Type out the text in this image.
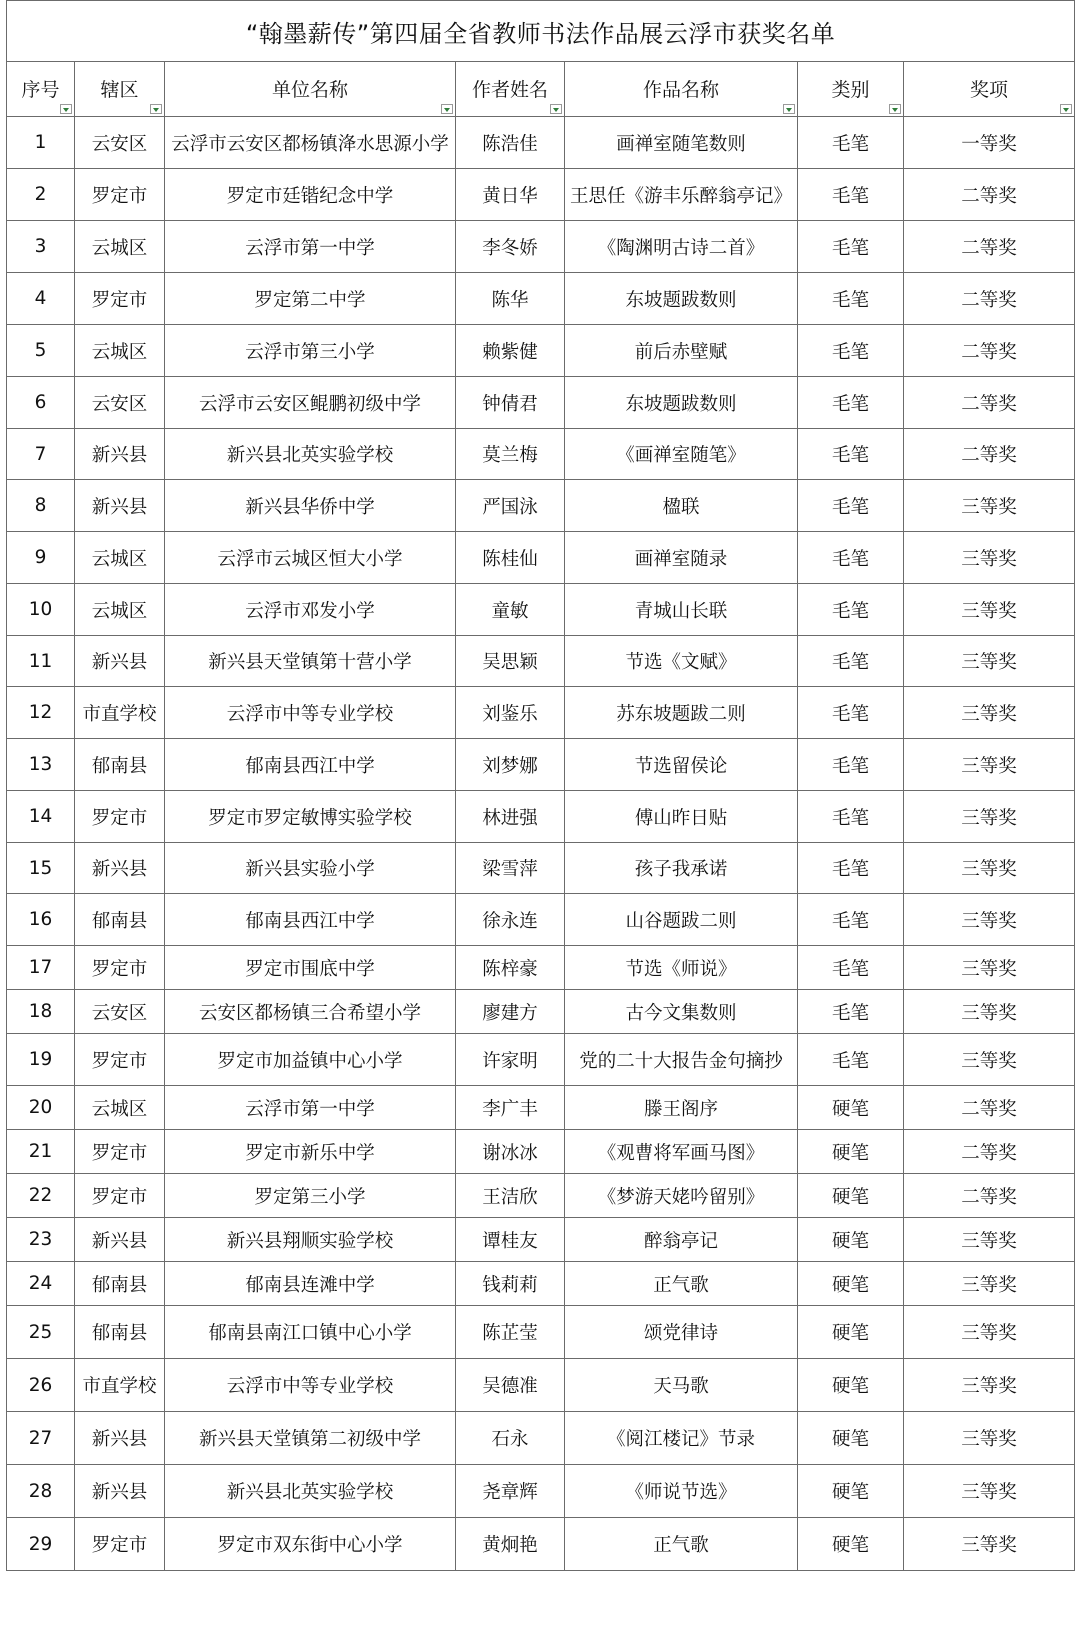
“翰墨薪传”第四届全省教师书法作品展云浮市获奖名单						
序号	辖区	单位名称	作者姓名	作品名称	类别	奖项

1	云安区	云浮市云安区都杨镇洚水思源小学	陈浩佳	画禅室随笔数则	毛笔	一等奖
2	罗定市	罗定市廷锴纪念中学	黄日华	王思任《游丰乐醉翁亭记》	毛笔	二等奖
3	云城区	云浮市第一中学	李冬娇	《陶渊明古诗二首》	毛笔	二等奖
4	罗定市	罗定第二中学	陈华	东坡题跋数则	毛笔	二等奖
5	云城区	云浮市第三小学	赖紫健	前后赤壁赋	毛笔	二等奖
6	云安区	云浮市云安区鲲鹏初级中学	钟倩君	东坡题跋数则	毛笔	二等奖
7	新兴县	新兴县北英实验学校	莫兰梅	《画禅室随笔》	毛笔	二等奖
8	新兴县	新兴县华侨中学	严国泳	楹联	毛笔	三等奖
9	云城区	云浮市云城区恒大小学	陈桂仙	画禅室随录	毛笔	三等奖
10	云城区	云浮市邓发小学	童敏	青城山长联	毛笔	三等奖
11	新兴县	新兴县天堂镇第十营小学	吴思颖	节选《文赋》	毛笔	三等奖
12	市直学校	云浮市中等专业学校	刘鉴乐	苏东坡题跋二则	毛笔	三等奖
13	郁南县	郁南县西江中学	刘梦娜	节选留侯论	毛笔	三等奖
14	罗定市	罗定市罗定敏博实验学校	林进强	傅山昨日贴	毛笔	三等奖
15	新兴县	新兴县实验小学	梁雪萍	孩子我承诺	毛笔	三等奖
16	郁南县	郁南县西江中学	徐永连	山谷题跋二则	毛笔	三等奖
17	罗定市	罗定市围底中学	陈梓豪	节选《师说》	毛笔	三等奖
18	云安区	云安区都杨镇三合希望小学	廖建方	古今文集数则	毛笔	三等奖
19	罗定市	罗定市加益镇中心小学	许家明	党的二十大报告金句摘抄	毛笔	三等奖
20	云城区	云浮市第一中学	李广丰	滕王阁序	硬笔	二等奖
21	罗定市	罗定市新乐中学	谢冰冰	《观曹将军画马图》	硬笔	二等奖
22	罗定市	罗定第三小学	王洁欣	《梦游天姥吟留别》	硬笔	二等奖
23	新兴县	新兴县翔顺实验学校	谭桂友	醉翁亭记	硬笔	三等奖
24	郁南县	郁南县连滩中学	钱莉莉	正气歌	硬笔	三等奖
25	郁南县	郁南县南江口镇中心小学	陈芷莹	颂党律诗	硬笔	三等奖
26	市直学校	云浮市中等专业学校	吴德准	天马歌	硬笔	三等奖
27	新兴县	新兴县天堂镇第二初级中学	石永	《阅江楼记》节录	硬笔	三等奖
28	新兴县	新兴县北英实验学校	尧章辉	《师说节选》	硬笔	三等奖
29	罗定市	罗定市双东街中心小学	黄炯艳	正气歌	硬笔	三等奖
